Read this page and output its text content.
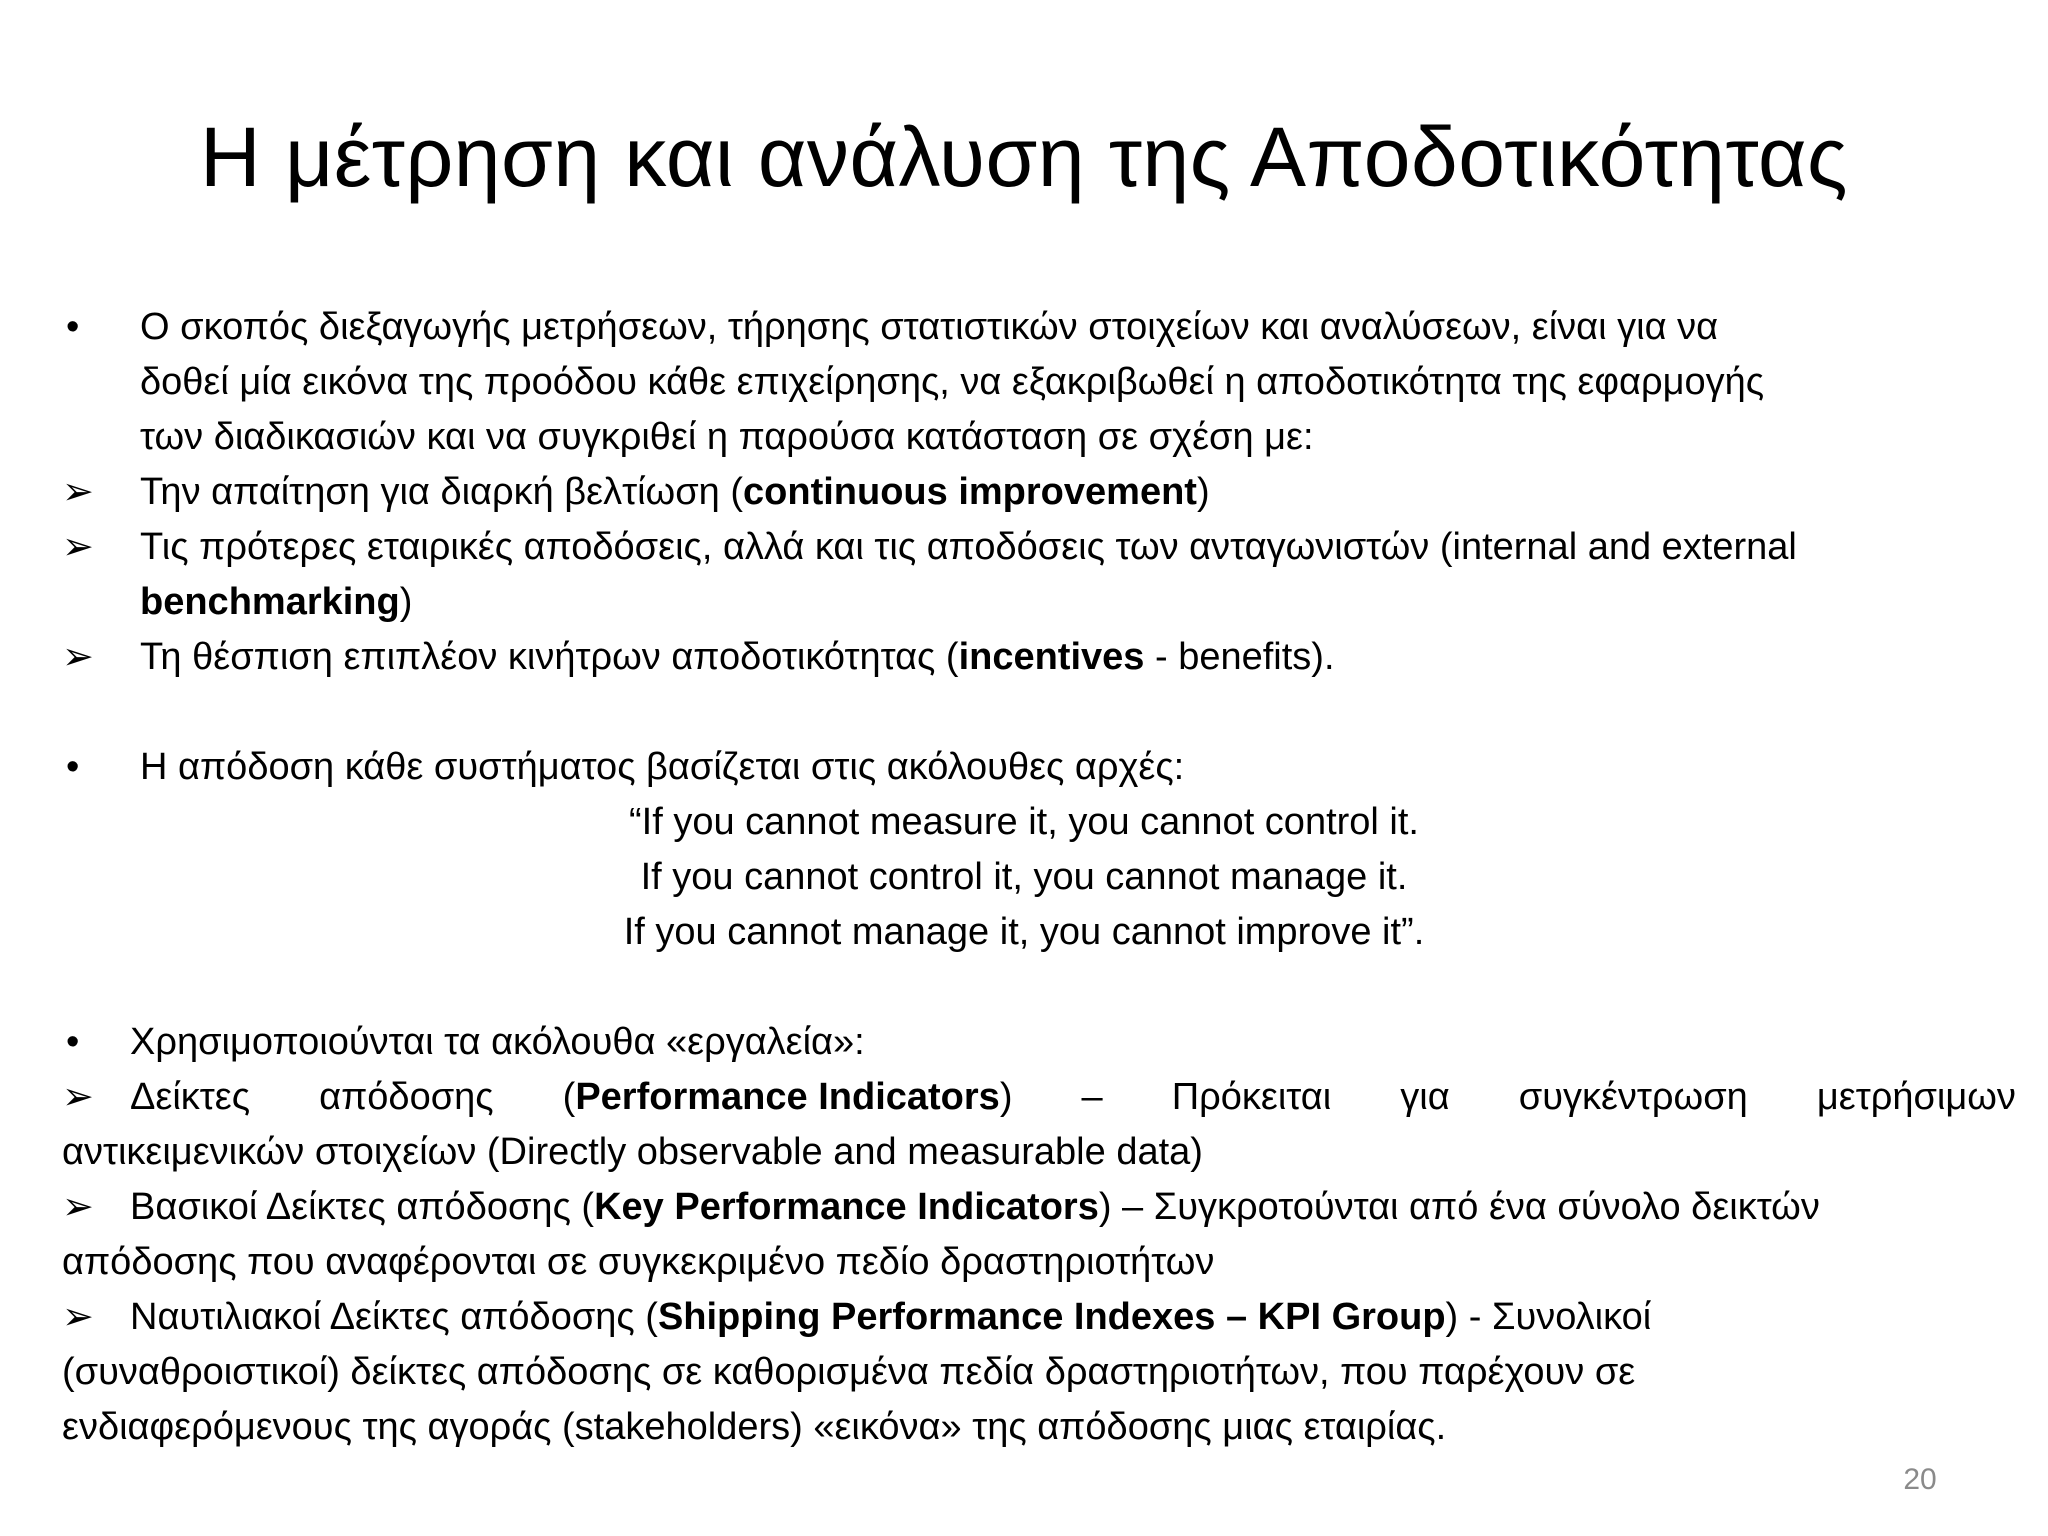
Η μέτρηση και ανάλυση της Αποδοτικότητας
• Ο σκοπός διεξαγωγής μετρήσεων, τήρησης στατιστικών στοιχείων και αναλύσεων, είναι για να
δοθεί μία εικόνα της προόδου κάθε επιχείρησης, να εξακριβωθεί η αποδοτικότητα της εφαρμογής
των διαδικασιών και να συγκριθεί η παρούσα κατάσταση σε σχέση με:
➢ Την απαίτηση για διαρκή βελτίωση (continuous improvement)
➢ Τις πρότερες εταιρικές αποδόσεις, αλλά και τις αποδόσεις των ανταγωνιστών (internal and external
benchmarking)
➢ Τη θέσπιση επιπλέον κινήτρων αποδοτικότητας (incentives - benefits).
• Η απόδοση κάθε συστήματος βασίζεται στις ακόλουθες αρχές:
“If you cannot measure it, you cannot control it.
If you cannot control it, you cannot manage it.
If you cannot manage it, you cannot improve it”.
• Χρησιμοποιούνται τα ακόλουθα «εργαλεία»:
➢ Δείκτες απόδοσης (Performance Indicators) – Πρόκειται για συγκέντρωση μετρήσιμων
αντικειμενικών στοιχείων (Directly observable and measurable data)
➢ Βασικοί Δείκτες απόδοσης (Key Performance Indicators) – Συγκροτούνται από ένα σύνολο δεικτών
απόδοσης που αναφέρονται σε συγκεκριμένο πεδίο δραστηριοτήτων
➢ Ναυτιλιακοί Δείκτες απόδοσης (Shipping Performance Indexes – KPI Group) - Συνολικοί
(συναθροιστικοί) δείκτες απόδοσης σε καθορισμένα πεδία δραστηριοτήτων, που παρέχουν σε
ενδιαφερόμενους της αγοράς (stakeholders) «εικόνα» της απόδοσης μιας εταιρίας.
20
